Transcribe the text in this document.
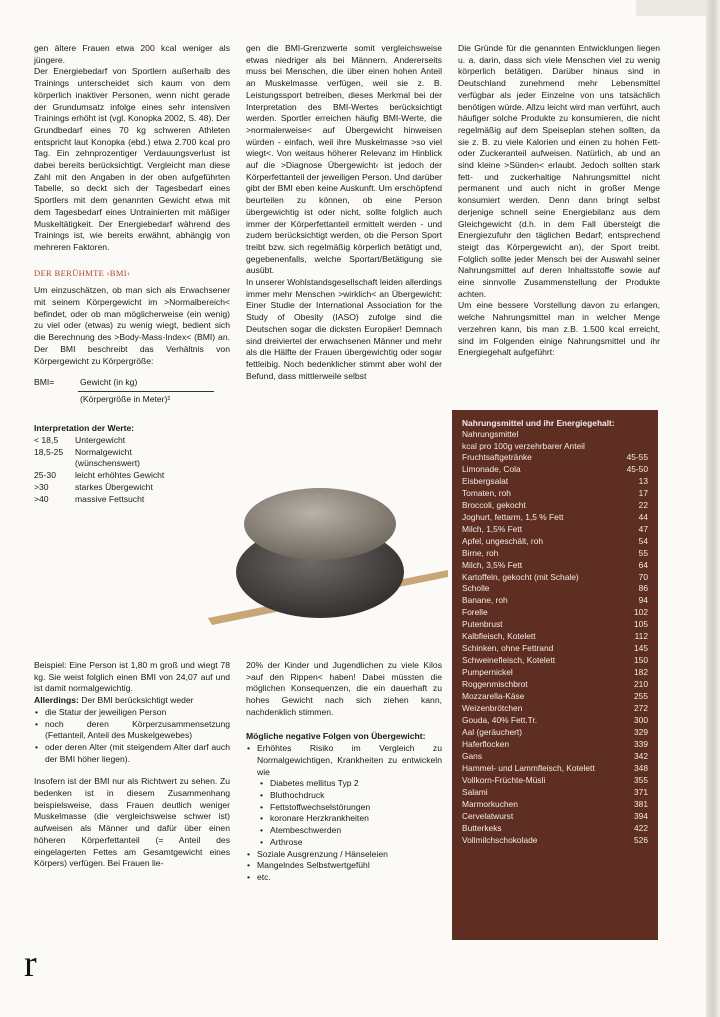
gen ältere Frauen etwa 200 kcal weniger als jüngere.

Der Energiebedarf von Sportlern außerhalb des Trainings unterscheidet sich kaum von dem körperlich inaktiver Personen, wenn nicht gerade der Grundumsatz infolge eines sehr intensiven Trainings erhöht ist (vgl. Konopka 2002, S. 48). Der Grundbedarf eines 70 kg schweren Athleten entspricht laut Konopka (ebd.) etwa 2.700 kcal pro Tag. Ein zehnprozentiger Verdauungsverlust ist dabei bereits berücksichtigt. Vergleicht man diese Zahl mit den Angaben in der oben aufgeführten Tabelle, so deckt sich der Tagesbedarf eines Sportlers mit dem genannten Gewicht etwa mit dem Tagesbedarf eines Untrainierten mit mäßiger Muskeltätigkeit. Der Energiebedarf während des Trainings ist, wie bereits erwähnt, abhängig von mehreren Faktoren.

DER BERÜHMTE ›BMI‹

Um einzuschätzen, ob man sich als Erwachsener mit seinem Körpergewicht im >Normalbereich< befindet, oder ob man möglicherweise (ein wenig) zu viel oder (etwas) zu wenig wiegt, bedient sich die Berechnung des >Body-Mass-Index< (BMI) an. Der BMI beschreibt das Verhältnis von Körpergewicht zu Körpergröße:

BMI=	Gewicht (in kg)
(Körpergröße in Meter)²
Interpretation der Werte:
< 18,5	Untergewicht
18,5-25	Normalgewicht
(wünschenswert)
25-30	leicht erhöhtes Gewicht
>30	starkes Übergewicht
>40	massive Fettsucht

gen die BMI-Grenzwerte somit vergleichsweise etwas niedriger als bei Männern. Andererseits muss bei Menschen, die über einen hohen Anteil an Muskelmasse verfügen, weil sie z. B. Leistungssport betreiben, dieses Merkmal bei der Interpretation des BMI-Wertes berücksichtigt werden. Sportler erreichen häufig BMI-Werte, die >normalerweise< auf Übergewicht hinweisen würden - einfach, weil ihre Muskelmasse >so viel wiegt<. Von weitaus höherer Relevanz im Hinblick auf die >Diagnose Übergewicht‹ ist jedoch der Körperfettanteil der jeweiligen Person. Und darüber gibt der BMI eben keine Auskunft. Um erschöpfend beurteilen zu können, ob eine Person übergewichtig ist oder nicht, sollte folglich auch immer der Körperfettanteil ermittelt werden - und zudem berücksichtigt werden, ob die Person Sport treibt bzw. sich regelmäßig körperlich betätigt und, gegebenenfalls, welche Sportart/Betätigung sie ausübt.

In unserer Wohlstandsgesellschaft leiden allerdings immer mehr Menschen >wirklich< an Übergewicht: Einer Studie der International Association for the Study of Obesity (IASO) zufolge sind die Deutschen sogar die dicksten Europäer! Demnach sind dreiviertel der erwachsenen Männer und mehr als die Hälfte der Frauen übergewichtig oder sogar fettleibig. Noch bedenklicher stimmt aber wohl der Befund, dass mittlerweile selbst

Beispiel: Eine Person ist 1,80 m groß und wiegt 78 kg. Sie weist folglich einen BMI von 24,07 auf und ist damit normalgewichtig.

Allerdings: Der BMI berücksichtigt weder

• die Statur der jeweiligen Person
• noch deren Körperzusammensetzung (Fettanteil, Anteil des Muskelgewebes)
• oder deren Alter (mit steigendem Alter darf auch der BMI höher liegen).

Insofern ist der BMI nur als Richtwert zu sehen. Zu bedenken ist in diesem Zusammenhang beispielsweise, dass Frauen deutlich weniger Muskelmasse (die vergleichsweise schwer ist) aufweisen als Männer und dafür über einen höheren Körperfettanteil (= Anteil des eingelagerten Fettes am Gesamtgewicht eines Körpers) verfügen. Bei Frauen lie-

20% der Kinder und Jugendlichen zu viele Kilos >auf den Rippen< haben! Dabei müssten die möglichen Konsequenzen, die ein dauerhaft zu hohes Gewicht nach sich ziehen kann, nachdenklich stimmen.

Mögliche negative Folgen von Übergewicht:
• Erhöhtes Risiko im Vergleich zu Normalgewichtigen, Krankheiten zu entwickeln wie
• Diabetes mellitus Typ 2
• Bluthochdruck
• Fettstoffwechselstörungen
• koronare Herzkrankheiten
• Atembeschwerden
• Arthrose
• Soziale Ausgrenzung / Hänseleien
• Mangelndes Selbstwertgefühl
• etc.

Die Gründe für die genannten Entwicklungen liegen u. a. darin, dass sich viele Menschen viel zu wenig körperlich betätigen. Darüber hinaus sind in Deutschland zunehmend mehr Lebensmittel verfügbar als jeder Einzelne von uns tatsächlich benötigen würde. Allzu leicht wird man verführt, auch häufiger solche Produkte zu konsumieren, die nicht regelmäßig auf dem Speiseplan stehen sollten, da sie z. B. zu viele Kalorien und einen zu hohen Fett- oder Zuckeranteil aufweisen. Natürlich, ab und an sind kleine >Sünden< erlaubt. Jedoch sollten stark fett- und zuckerhaltige Nahrungsmittel nicht permanent und auch nicht in großer Menge konsumiert werden. Denn dann bringt selbst derjenige schnell seine Energiebilanz aus dem Gleichgewicht (d.h. in dem Fall übersteigt die Energiezufuhr den täglichen Bedarf; entsprechend steigt das Körpergewicht an), der Sport treibt. Folglich sollte jeder Mensch bei der Auswahl seiner Nahrungsmittel auf deren Inhaltsstoffe sowie auf eine sinnvolle Zusammenstellung der Produkte achten.

Um eine bessere Vorstellung davon zu erlangen, welche Nahrungsmittel man in welcher Menge verzehren kann, bis man z.B. 1.500 kcal erreicht, sind im Folgenden einige Nahrungsmittel und ihr Energiegehalt aufgeführt:

Nahrungsmittel und ihr Energiegehalt:
Nahrungsmittel
kcal pro 100g verzehrbarer Anteil
Fruchtsaftgetränke	45-55
Limonade, Cola	45-50
Eisbergsalat	13
Tomaten, roh	17
Broccoli, gekocht	22
Joghurt, fettarm, 1,5 % Fett	44
Milch, 1,5% Fett	47
Apfel, ungeschält, roh	54
Birne, roh	55
Milch, 3,5% Fett	64
Kartoffeln, gekocht (mit Schale)	70
Scholle	86
Banane, roh	94
Forelle	102
Putenbrust	105
Kalbfleisch, Kotelett	112
Schinken, ohne Fettrand	145
Schweinefleisch, Kotelett	150
Pumpernickel	182
Roggenmischbrot	210
Mozzarella-Käse	255
Weizenbrötchen	272
Gouda, 40% Fett.Tr.	300
Aal (geräuchert)	329
Haferflocken	339
Gans	342
Hammel- und Lammfleisch, Kotelett	348
Vollkorn-Früchte-Müsli	355
Salami	371
Marmorkuchen	381
Cervelatwurst	394
Butterkeks	422
Vollmilchschokolade	526
r
